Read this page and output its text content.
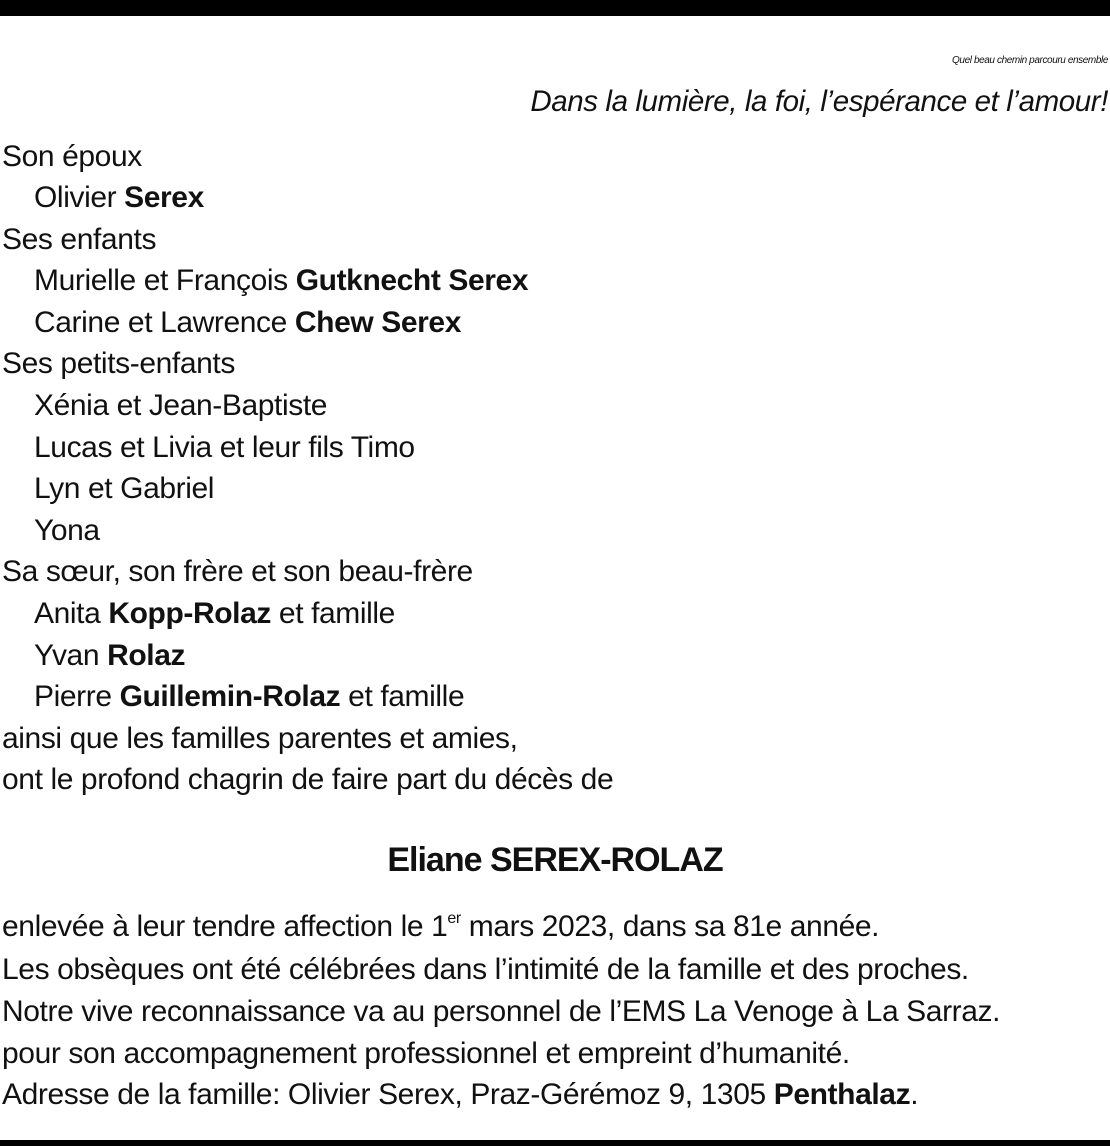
Quel beau chemin parcouru ensemble
Dans la lumière, la foi, l’espérance et l’amour!
Son époux
Olivier Serex
Ses enfants
Murielle et François Gutknecht Serex
Carine et Lawrence Chew Serex
Ses petits-enfants
Xénia et Jean-Baptiste
Lucas et Livia et leur fils Timo
Lyn et Gabriel
Yona
Sa sœur, son frère et son beau-frère
Anita Kopp-Rolaz et famille
Yvan Rolaz
Pierre Guillemin-Rolaz et famille
ainsi que les familles parentes et amies,
ont le profond chagrin de faire part du décès de
Eliane SEREX-ROLAZ
enlevée à leur tendre affection le 1er mars 2023, dans sa 81e année.
Les obsèques ont été célébrées dans l’intimité de la famille et des proches.
Notre vive reconnaissance va au personnel de l’EMS La Venoge à La Sarraz.
pour son accompagnement professionnel et empreint d’humanité.
Adresse de la famille: Olivier Serex, Praz-Gérémoz 9, 1305 Penthalaz.
